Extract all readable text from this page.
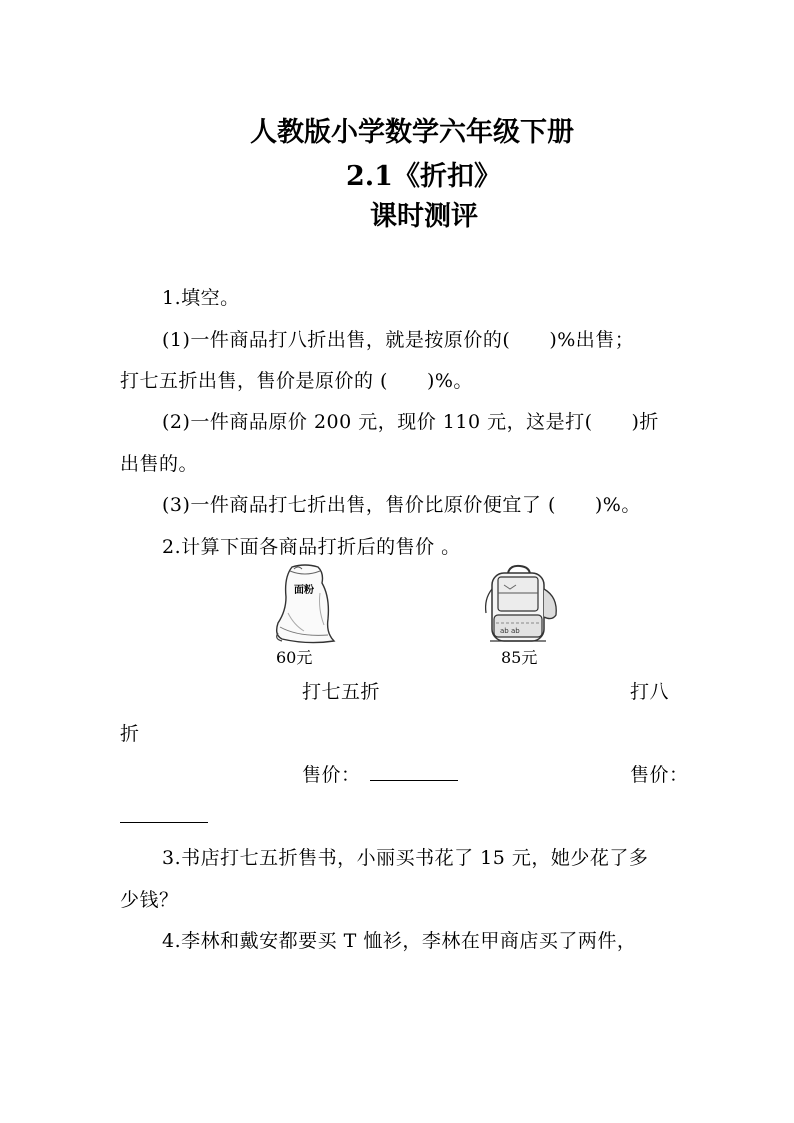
人教版小学数学六年级下册
2.1《折扣》
课时测评
1.填空。
(1)一件商品打八折出售，就是按原价的(　　)%出售；
打七五折出售，售价是原价的 (　　)%。
(2)一件商品原价 200 元，现价 110 元，这是打(　　)折
出售的。
(3)一件商品打七折出售，售价比原价便宜了 (　　)%。
2.计算下面各商品打折后的售价 。
面粉
60元
ab ab
85元
打七五折	打八
折
售价：	售价：
3.书店打七五折售书，小丽买书花了 15 元，她少花了多
少钱？
4.李林和戴安都要买 T 恤衫，李林在甲商店买了两件，
